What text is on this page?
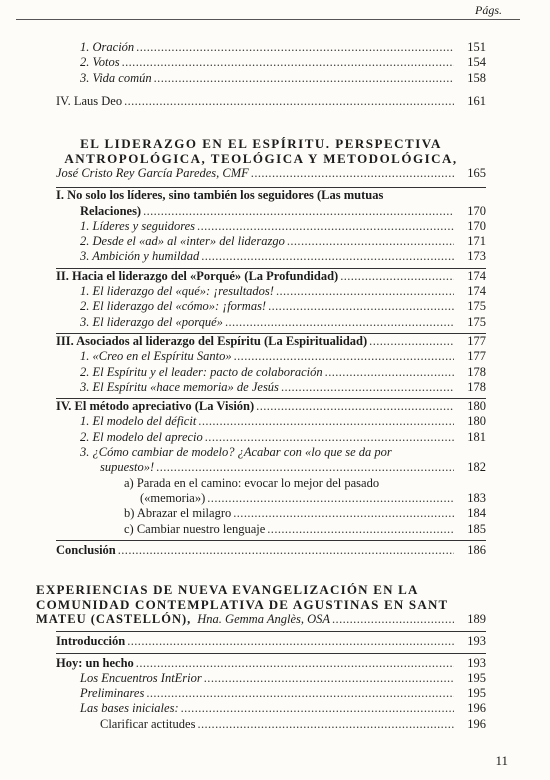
Págs.
1. Oración .....	151
2. Votos .....	154
3. Vida común .....	158
IV. Laus Deo .....	161
EL LIDERAZGO EN EL ESPÍRITU. PERSPECTIVA
ANTROPOLÓGICA, TEOLÓGICA Y METODOLÓGICA,
José Cristo Rey García Paredes, CMF .....	165
I. No solo los líderes, sino también los seguidores (Las mutuas
Relaciones) .....	170
1. Líderes y seguidores .....	170
2. Desde el «ad» al «inter» del liderazgo .....	171
3. Ambición y humildad .....	173
II. Hacia el liderazgo del «Porqué» (La Profundidad) .....	174
1. El liderazgo del «qué»: ¡resultados! .....	174
2. El liderazgo del «cómo»: ¡formas! .....	175
3. El liderazgo del «porqué» .....	175
III. Asociados al liderazgo del Espíritu (La Espiritualidad) .....	177
1. «Creo en el Espíritu Santo» .....	177
2. El Espíritu y el leader: pacto de colaboración .....	178
3. El Espíritu «hace memoria» de Jesús .....	178
IV. El método apreciativo (La Visión) .....	180
1. El modelo del déficit .....	180
2. El modelo del aprecio .....	181
3. ¿Cómo cambiar de modelo? ¿Acabar con «lo que se da por
supuesto»! .....	182
a) Parada en el camino: evocar lo mejor del pasado
(«memoria») .....	183
b) Abrazar el milagro .....	184
c) Cambiar nuestro lenguaje .....	185
Conclusión .....	186
EXPERIENCIAS DE NUEVA EVANGELIZACIÓN EN LA
COMUNIDAD CONTEMPLATIVA DE AGUSTINAS EN SANT
MATEU (CASTELLÓN), Hna. Gemma Anglès, OSA .....	189
Introducción .....	193
Hoy: un hecho .....	193
Los Encuentros IntErior .....	195
Preliminares .....	195
Las bases iniciales: .....	196
Clarificar actitudes .....	196
11
